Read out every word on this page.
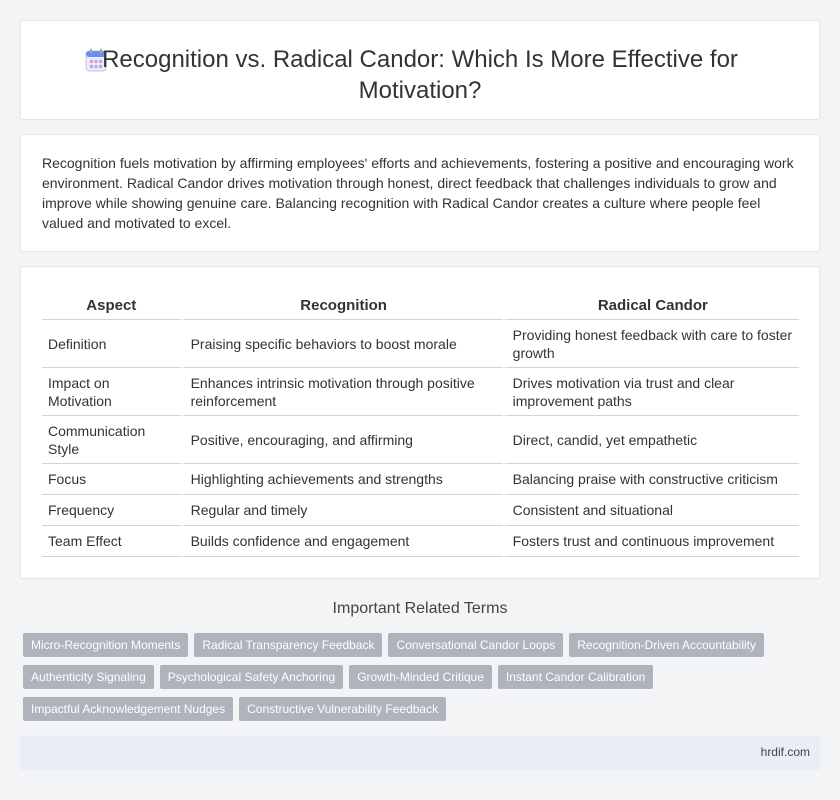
Recognition vs. Radical Candor: Which Is More Effective for Motivation?

Recognition fuels motivation by affirming employees' efforts and achievements, fostering a positive and encouraging work environment. Radical Candor drives motivation through honest, direct feedback that challenges individuals to grow and improve while showing genuine care. Balancing recognition with Radical Candor creates a culture where people feel valued and motivated to excel.

Aspect	Recognition	Radical Candor
Definition	Praising specific behaviors to boost morale	Providing honest feedback with care to foster growth
Impact on Motivation	Enhances intrinsic motivation through positive reinforcement	Drives motivation via trust and clear improvement paths
Communication Style	Positive, encouraging, and affirming	Direct, candid, yet empathetic
Focus	Highlighting achievements and strengths	Balancing praise with constructive criticism
Frequency	Regular and timely	Consistent and situational
Team Effect	Builds confidence and engagement	Fosters trust and continuous improvement
Important Related Terms
Micro-Recognition Moments Radical Transparency Feedback Conversational Candor Loops Recognition-Driven Accountability
Authenticity Signaling Psychological Safety Anchoring Growth-Minded Critique Instant Candor Calibration
Impactful Acknowledgement Nudges Constructive Vulnerability Feedback
hrdif.com
